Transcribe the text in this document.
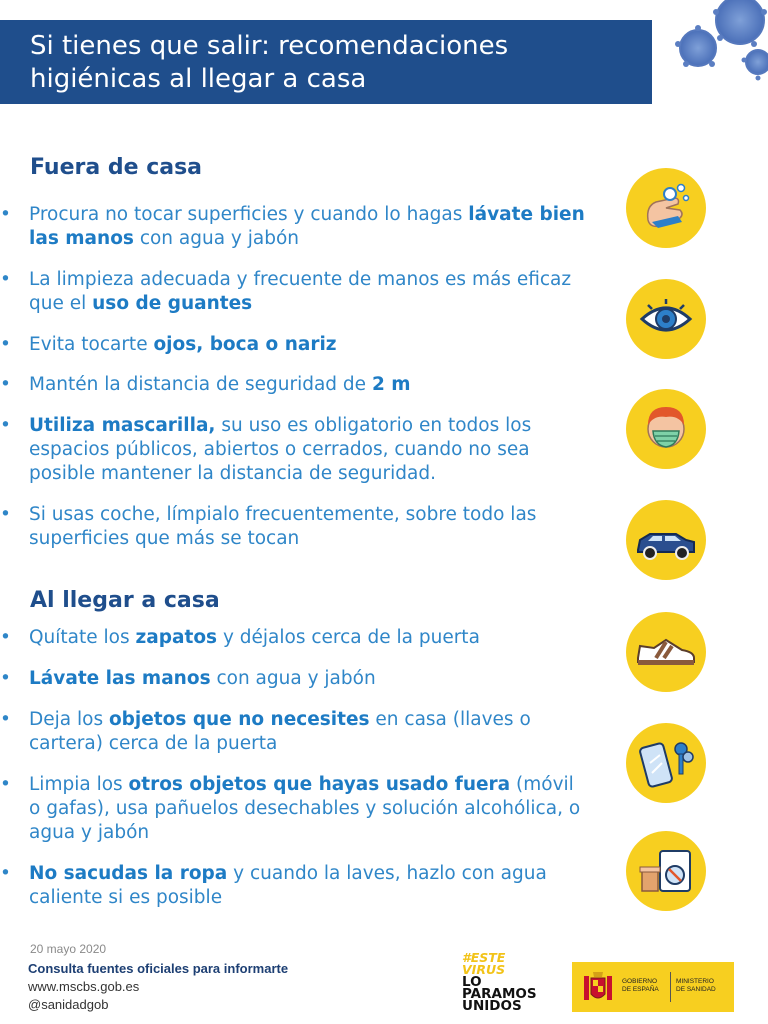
Si tienes que salir: recomendaciones
higiénicas al llegar a casa
Fuera de casa
• Procura no tocar superficies y cuando lo hagas lávate bien las manos con agua y jabón
• La limpieza adecuada y frecuente de manos es más eficaz que el uso de guantes
• Evita tocarte ojos, boca o nariz
• Mantén la distancia de seguridad de 2 m
• Utiliza mascarilla, su uso es obligatorio en todos los espacios públicos, abiertos o cerrados, cuando no sea posible mantener la distancia de seguridad.
• Si usas coche, límpialo frecuentemente, sobre todo las superficies que más se tocan
Al llegar a casa
• Quítate los zapatos y déjalos cerca de la puerta
• Lávate las manos con agua y jabón
• Deja los objetos que no necesites en casa (llaves o cartera) cerca de la puerta
• Limpia los otros objetos que hayas usado fuera (móvil o gafas), usa pañuelos desechables y solución alcohólica, o agua y jabón
• No sacudas la ropa y cuando la laves, hazlo con agua caliente si es posible
20 mayo 2020
Consulta fuentes oficiales para informarte
www.mscbs.gob.es
@sanidadgob
#ESTE
VIRUS
LO
PARAMOS
UNIDOS
GOBIERNO
DE ESPAÑA
MINISTERIO
DE SANIDAD
